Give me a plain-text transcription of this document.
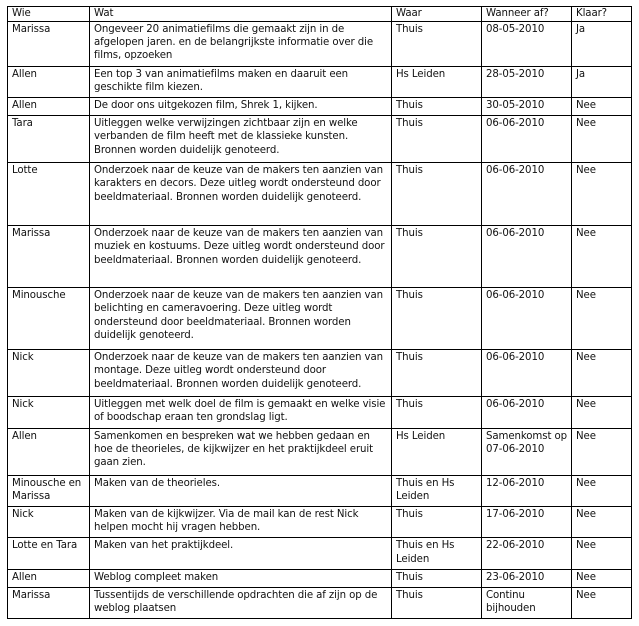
Wie	Wat	Waar	Wanneer af?	Klaar?
Marissa	Ongeveer 20 animatiefilms die gemaakt zijn in de afgelopen jaren. en de belangrijkste informatie over die films, opzoeken	Thuis	08-05-2010	Ja
Allen	Een top 3 van animatiefilms maken en daaruit een geschikte film kiezen.	Hs Leiden	28-05-2010	Ja
Allen	De door ons uitgekozen film, Shrek 1, kijken.	Thuis	30-05-2010	Nee
Tara	Uitleggen welke verwijzingen zichtbaar zijn en welke verbanden de film heeft met de klassieke kunsten. Bronnen worden duidelijk genoteerd.	Thuis	06-06-2010	Nee
Lotte	Onderzoek naar de keuze van de makers ten aanzien van karakters en decors. Deze uitleg wordt ondersteund door beeldmateriaal. Bronnen worden duidelijk genoteerd.	Thuis	06-06-2010	Nee
Marissa	Onderzoek naar de keuze van de makers ten aanzien van muziek en kostuums. Deze uitleg wordt ondersteund door beeldmateriaal. Bronnen worden duidelijk genoteerd.	Thuis	06-06-2010	Nee
Minousche	Onderzoek naar de keuze van de makers ten aanzien van belichting en cameravoering. Deze uitleg wordt ondersteund door beeldmateriaal. Bronnen worden duidelijk genoteerd.	Thuis	06-06-2010	Nee
Nick	Onderzoek naar de keuze van de makers ten aanzien van montage. Deze uitleg wordt ondersteund door beeldmateriaal. Bronnen worden duidelijk genoteerd.	Thuis	06-06-2010	Nee
Nick	Uitleggen met welk doel de film is gemaakt en welke visie of boodschap eraan ten grondslag ligt.	Thuis	06-06-2010	Nee
Allen	Samenkomen en bespreken wat we hebben gedaan en hoe de theorieles, de kijkwijzer en het praktijkdeel eruit gaan zien.	Hs Leiden	Samenkomst op 07-06-2010	Nee
Minousche en Marissa	Maken van de theorieles.	Thuis en Hs Leiden	12-06-2010	Nee
Nick	Maken van de kijkwijzer. Via de mail kan de rest Nick helpen mocht hij vragen hebben.	Thuis	17-06-2010	Nee
Lotte en Tara	Maken van het praktijkdeel.	Thuis en Hs Leiden	22-06-2010	Nee
Allen	Weblog compleet maken	Thuis	23-06-2010	Nee
Marissa	Tussentijds de verschillende opdrachten die af zijn op de weblog plaatsen	Thuis	Continu bijhouden	Nee
